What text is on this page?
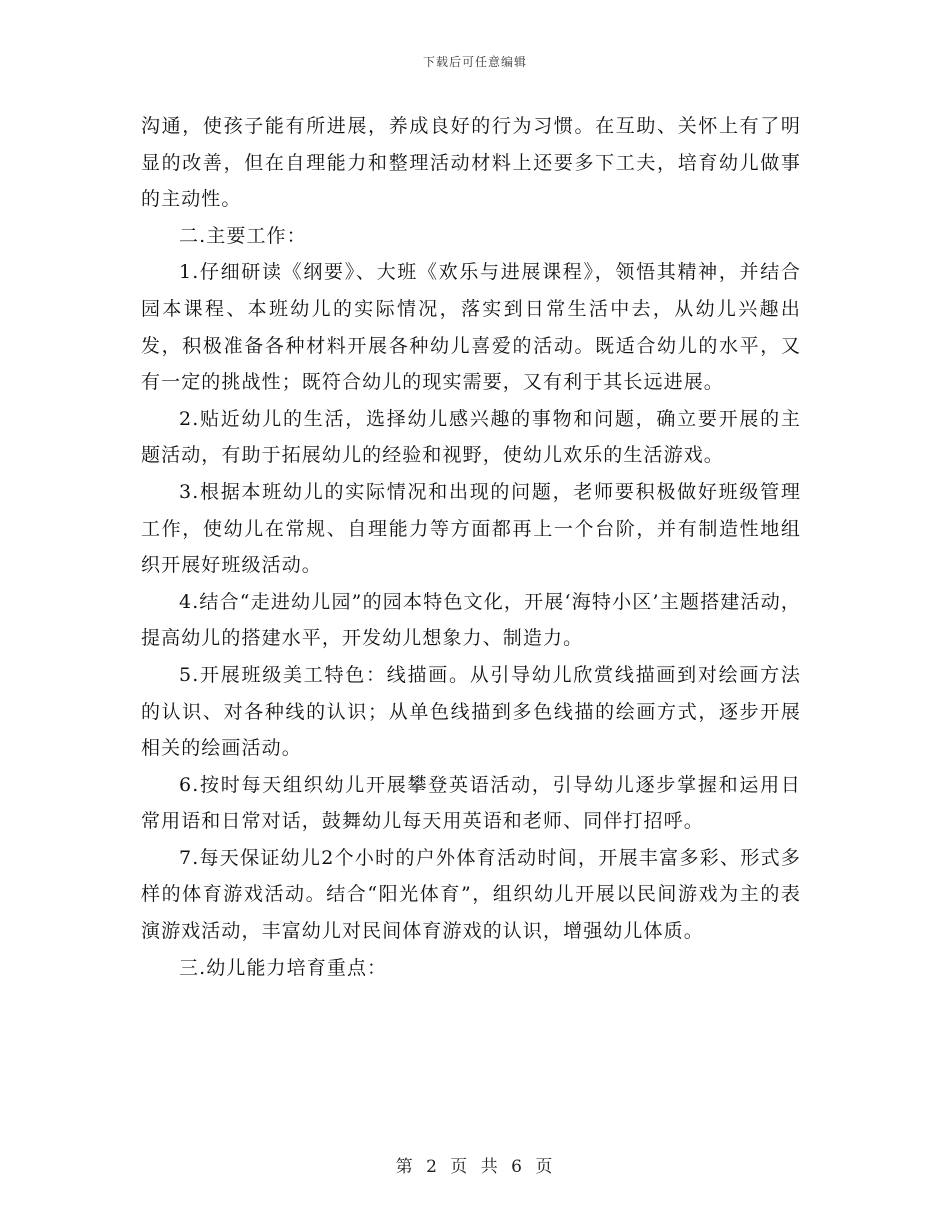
下载后可任意编辑

沟通，使孩子能有所进展，养成良好的行为习惯。在互助、关怀上有了明显的改善，但在自理能力和整理活动材料上还要多下工夫，培育幼儿做事的主动性。

二.主要工作：

1.仔细研读《纲要》、大班《欢乐与进展课程》，领悟其精神，并结合园本课程、本班幼儿的实际情况，落实到日常生活中去，从幼儿兴趣出发，积极准备各种材料开展各种幼儿喜爱的活动。既适合幼儿的水平，又有一定的挑战性；既符合幼儿的现实需要，又有利于其长远进展。

2.贴近幼儿的生活，选择幼儿感兴趣的事物和问题，确立要开展的主题活动，有助于拓展幼儿的经验和视野，使幼儿欢乐的生活游戏。

3.根据本班幼儿的实际情况和出现的问题，老师要积极做好班级管理工作，使幼儿在常规、自理能力等方面都再上一个台阶，并有制造性地组织开展好班级活动。

4.结合“走进幼儿园”的园本特色文化，开展‘海特小区’主题搭建活动，提高幼儿的搭建水平，开发幼儿想象力、制造力。

5.开展班级美工特色：线描画。从引导幼儿欣赏线描画到对绘画方法的认识、对各种线的认识；从单色线描到多色线描的绘画方式，逐步开展相关的绘画活动。

6.按时每天组织幼儿开展攀登英语活动，引导幼儿逐步掌握和运用日常用语和日常对话，鼓舞幼儿每天用英语和老师、同伴打招呼。

7.每天保证幼儿2个小时的户外体育活动时间，开展丰富多彩、形式多样的体育游戏活动。结合“阳光体育”，组织幼儿开展以民间游戏为主的表演游戏活动，丰富幼儿对民间体育游戏的认识，增强幼儿体质。

三.幼儿能力培育重点：

第 2 页 共 6 页
